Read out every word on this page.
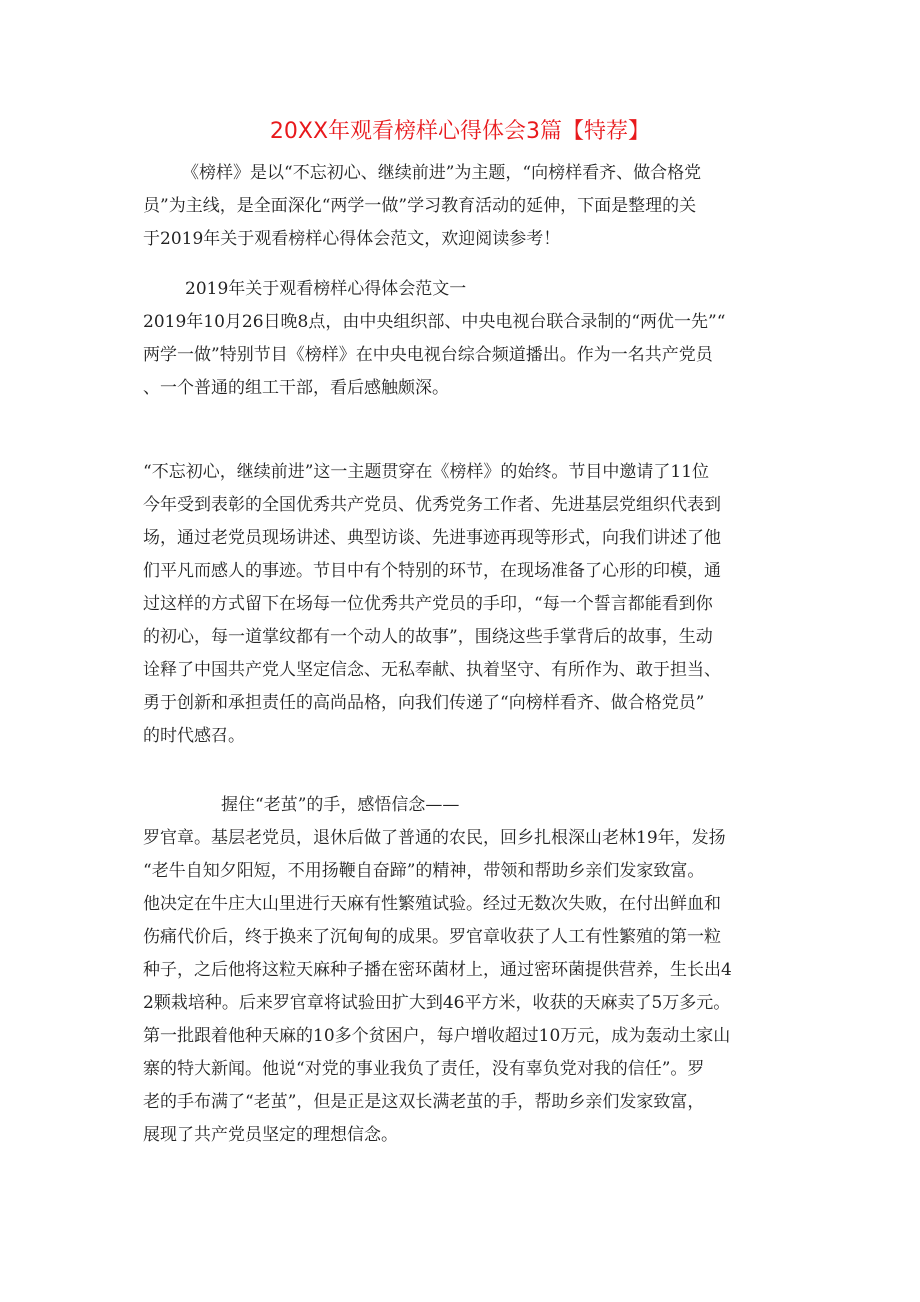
20XX年观看榜样心得体会3篇【特荐】
《榜样》是以“不忘初心、继续前进”为主题，“向榜样看齐、做合格党
员”为主线，是全面深化“两学一做”学习教育活动的延伸，下面是整理的关
于2019年关于观看榜样心得体会范文，欢迎阅读参考！
2019年关于观看榜样心得体会范文一
2019年10月26日晚8点，由中央组织部、中央电视台联合录制的“两优一先”“
两学一做”特别节目《榜样》在中央电视台综合频道播出。作为一名共产党员
、一个普通的组工干部，看后感触颇深。
“不忘初心，继续前进”这一主题贯穿在《榜样》的始终。节目中邀请了11位
今年受到表彰的全国优秀共产党员、优秀党务工作者、先进基层党组织代表到
场，通过老党员现场讲述、典型访谈、先进事迹再现等形式，向我们讲述了他
们平凡而感人的事迹。节目中有个特别的环节，在现场准备了心形的印模，通
过这样的方式留下在场每一位优秀共产党员的手印，“每一个誓言都能看到你
的初心，每一道掌纹都有一个动人的故事”，围绕这些手掌背后的故事，生动
诠释了中国共产党人坚定信念、无私奉献、执着坚守、有所作为、敢于担当、
勇于创新和承担责任的高尚品格，向我们传递了“向榜样看齐、做合格党员”
的时代感召。
握住“老茧”的手，感悟信念——
罗官章。基层老党员，退休后做了普通的农民，回乡扎根深山老林19年，发扬
“老牛自知夕阳短，不用扬鞭自奋蹄”的精神，带领和帮助乡亲们发家致富。
他决定在牛庄大山里进行天麻有性繁殖试验。经过无数次失败，在付出鲜血和
伤痛代价后，终于换来了沉甸甸的成果。罗官章收获了人工有性繁殖的第一粒
种子，之后他将这粒天麻种子播在密环菌材上，通过密环菌提供营养，生长出4
2颗栽培种。后来罗官章将试验田扩大到46平方米，收获的天麻卖了5万多元。
第一批跟着他种天麻的10多个贫困户，每户增收超过10万元，成为轰动土家山
寨的特大新闻。他说“对党的事业我负了责任，没有辜负党对我的信任”。罗
老的手布满了“老茧”，但是正是这双长满老茧的手，帮助乡亲们发家致富，
展现了共产党员坚定的理想信念。
